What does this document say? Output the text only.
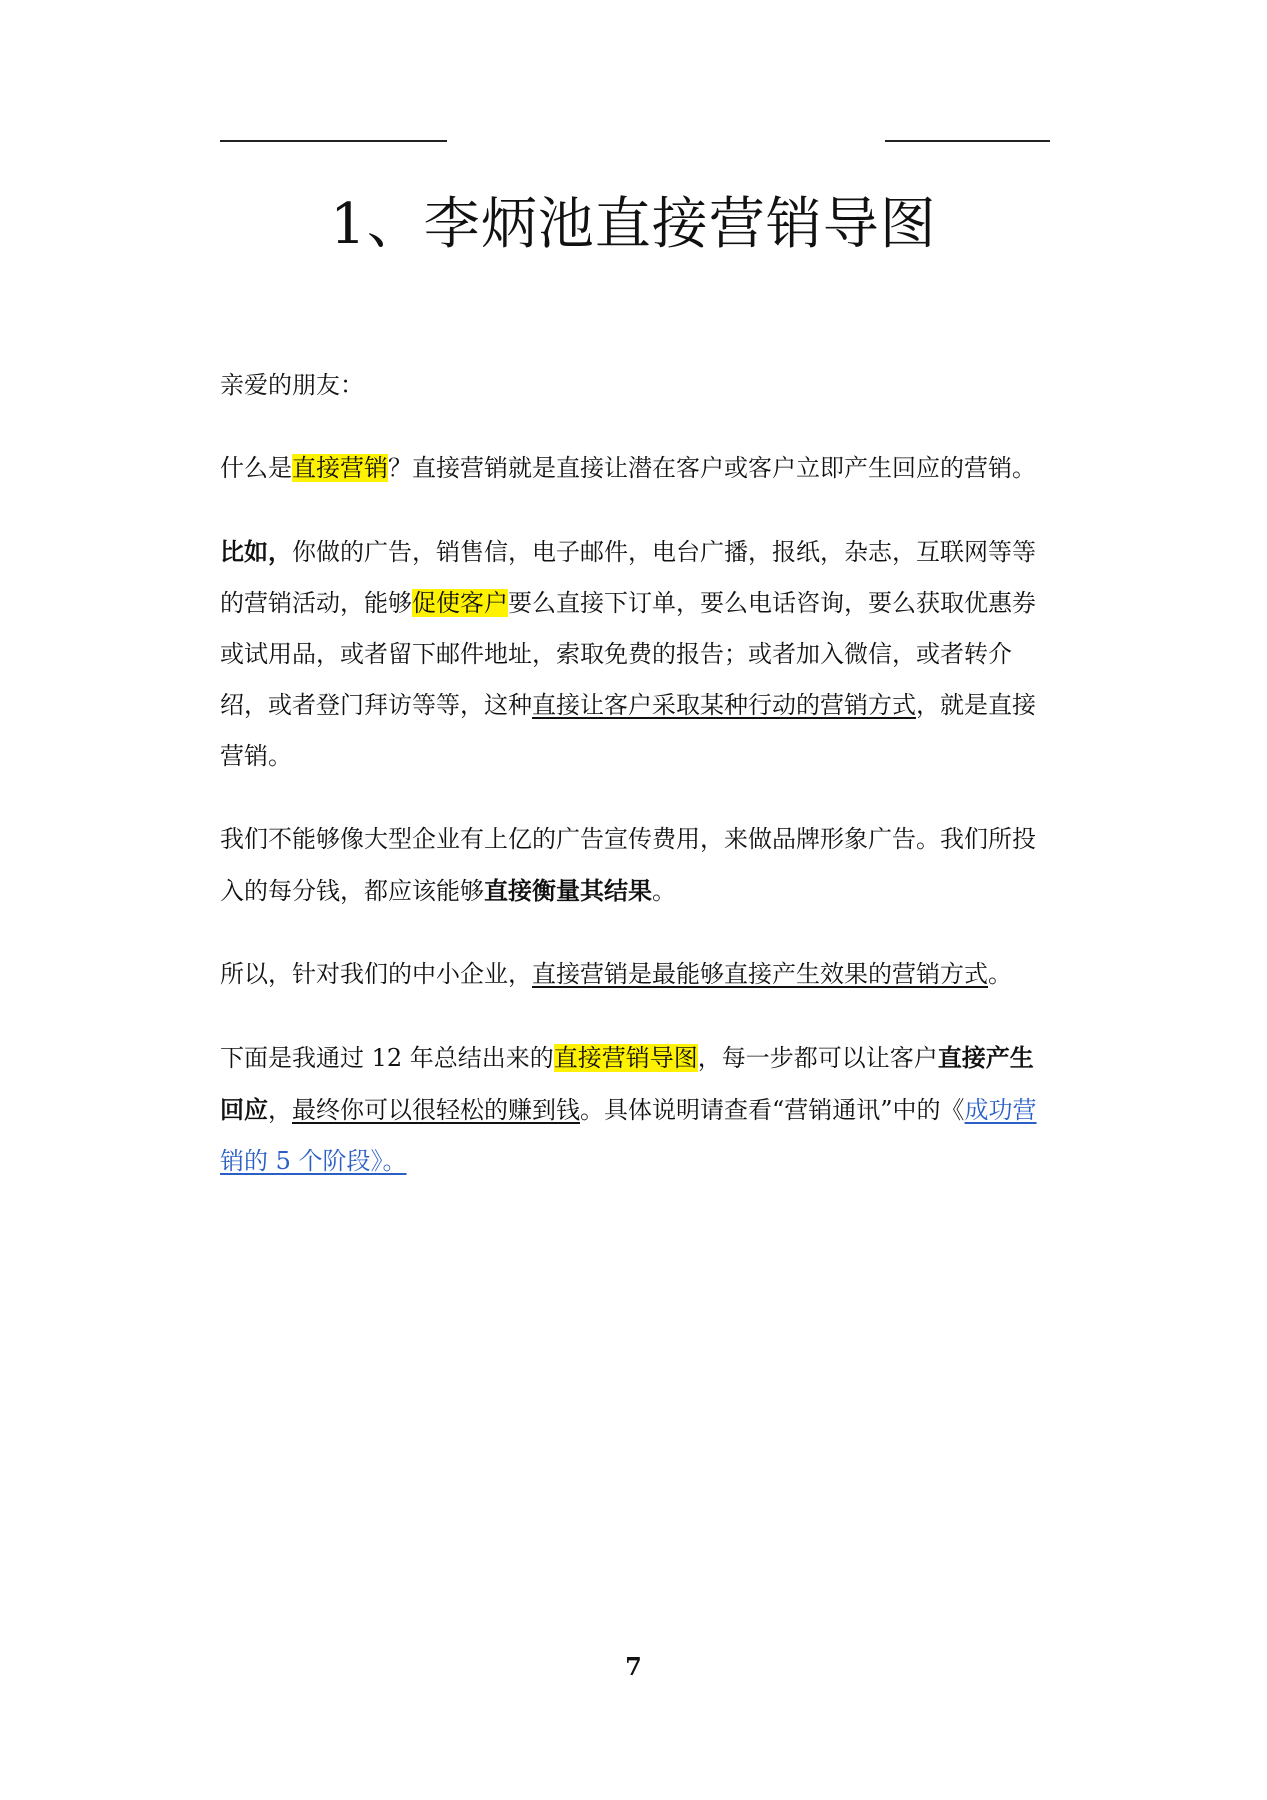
1、李炳池直接营销导图

亲爱的朋友：

什么是直接营销？直接营销就是直接让潜在客户或客户立即产生回应的营销。

比如，你做的广告，销售信，电子邮件，电台广播，报纸，杂志，互联网等等的营销活动，能够促使客户要么直接下订单，要么电话咨询，要么获取优惠券或试用品，或者留下邮件地址，索取免费的报告；或者加入微信，或者转介绍，或者登门拜访等等，这种直接让客户采取某种行动的营销方式，就是直接营销。

我们不能够像大型企业有上亿的广告宣传费用，来做品牌形象广告。我们所投入的每分钱，都应该能够直接衡量其结果。

所以，针对我们的中小企业，直接营销是最能够直接产生效果的营销方式。

下面是我通过 12 年总结出来的直接营销导图，每一步都可以让客户直接产生回应，最终你可以很轻松的赚到钱。具体说明请查看“营销通讯”中的《成功营销的 5 个阶段》。

7
